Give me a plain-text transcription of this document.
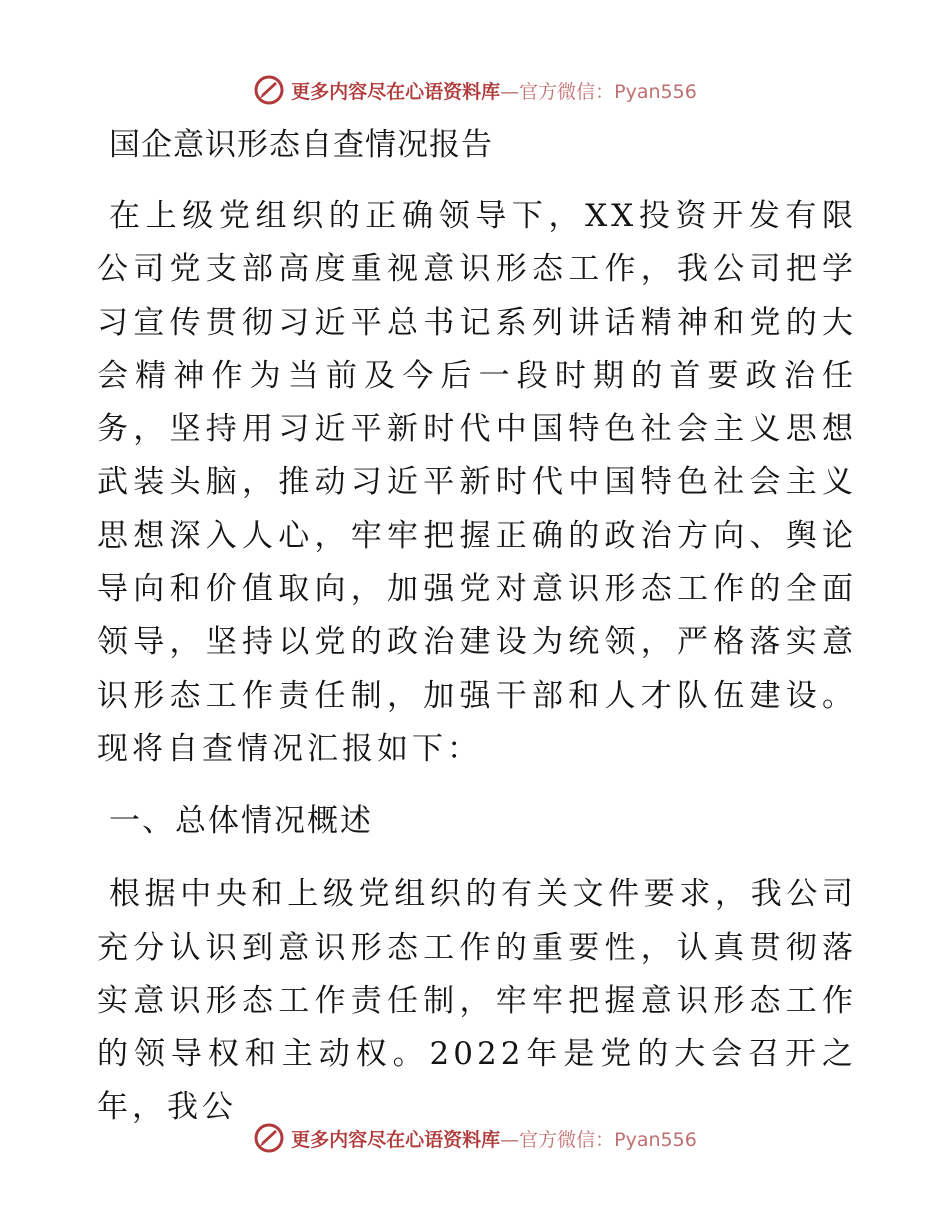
更多内容尽在心语资料库—官方微信：Pyan556
国企意识形态自查情况报告

在上级党组织的正确领导下，XX投资开发有限公司党支部高度重视意识形态工作，我公司把学习宣传贯彻习近平总书记系列讲话精神和党的大会精神作为当前及今后一段时期的首要政治任务，坚持用习近平新时代中国特色社会主义思想武装头脑，推动习近平新时代中国特色社会主义思想深入人心，牢牢把握正确的政治方向、舆论导向和价值取向，加强党对意识形态工作的全面领导，坚持以党的政治建设为统领，严格落实意识形态工作责任制，加强干部和人才队伍建设。现将自查情况汇报如下：

一、总体情况概述

根据中央和上级党组织的有关文件要求，我公司充分认识到意识形态工作的重要性，认真贯彻落实意识形态工作责任制，牢牢把握意识形态工作的领导权和主动权。2022年是党的大会召开之年，我公

更多内容尽在心语资料库—官方微信：Pyan556
